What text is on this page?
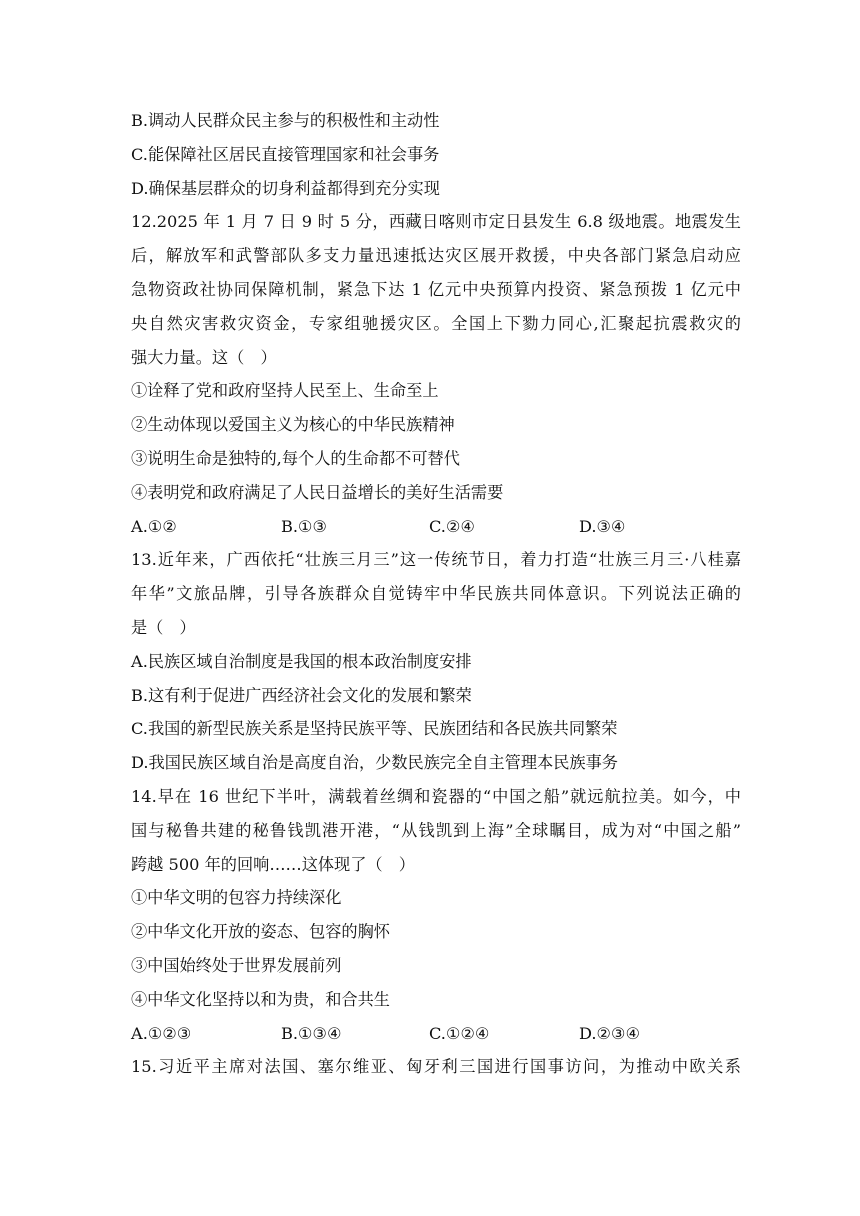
B.调动人民群众民主参与的积极性和主动性
C.能保障社区居民直接管理国家和社会事务
D.确保基层群众的切身利益都得到充分实现
12.2025 年 1 月 7 日 9 时 5 分，西藏日喀则市定日县发生 6.8 级地震。地震发生
后，解放军和武警部队多支力量迅速抵达灾区展开救援，中央各部门紧急启动应
急物资政社协同保障机制，紧急下达 1 亿元中央预算内投资、紧急预拨 1 亿元中
央自然灾害救灾资金，专家组驰援灾区。全国上下勠力同心,汇聚起抗震救灾的
强大力量。这（　）
①诠释了党和政府坚持人民至上、生命至上
②生动体现以爱国主义为核心的中华民族精神
③说明生命是独特的,每个人的生命都不可替代
④表明党和政府满足了人民日益增长的美好生活需要
A.①②	B.①③	C.②④	D.③④
13.近年来，广西依托“壮族三月三”这一传统节日，着力打造“壮族三月三·八桂嘉
年华”文旅品牌，引导各族群众自觉铸牢中华民族共同体意识。下列说法正确的
是（　）
A.民族区域自治制度是我国的根本政治制度安排
B.这有利于促进广西经济社会文化的发展和繁荣
C.我国的新型民族关系是坚持民族平等、民族团结和各民族共同繁荣
D.我国民族区域自治是高度自治，少数民族完全自主管理本民族事务
14.早在 16 世纪下半叶，满载着丝绸和瓷器的“中国之船”就远航拉美。如今，中
国与秘鲁共建的秘鲁钱凯港开港，“从钱凯到上海”全球瞩目，成为对“中国之船”
跨越 500 年的回响……这体现了（　）
①中华文明的包容力持续深化
②中华文化开放的姿态、包容的胸怀
③中国始终处于世界发展前列
④中华文化坚持以和为贵，和合共生
A.①②③	B.①③④	C.①②④	D.②③④
15.习近平主席对法国、塞尔维亚、匈牙利三国进行国事访问，为推动中欧关系
